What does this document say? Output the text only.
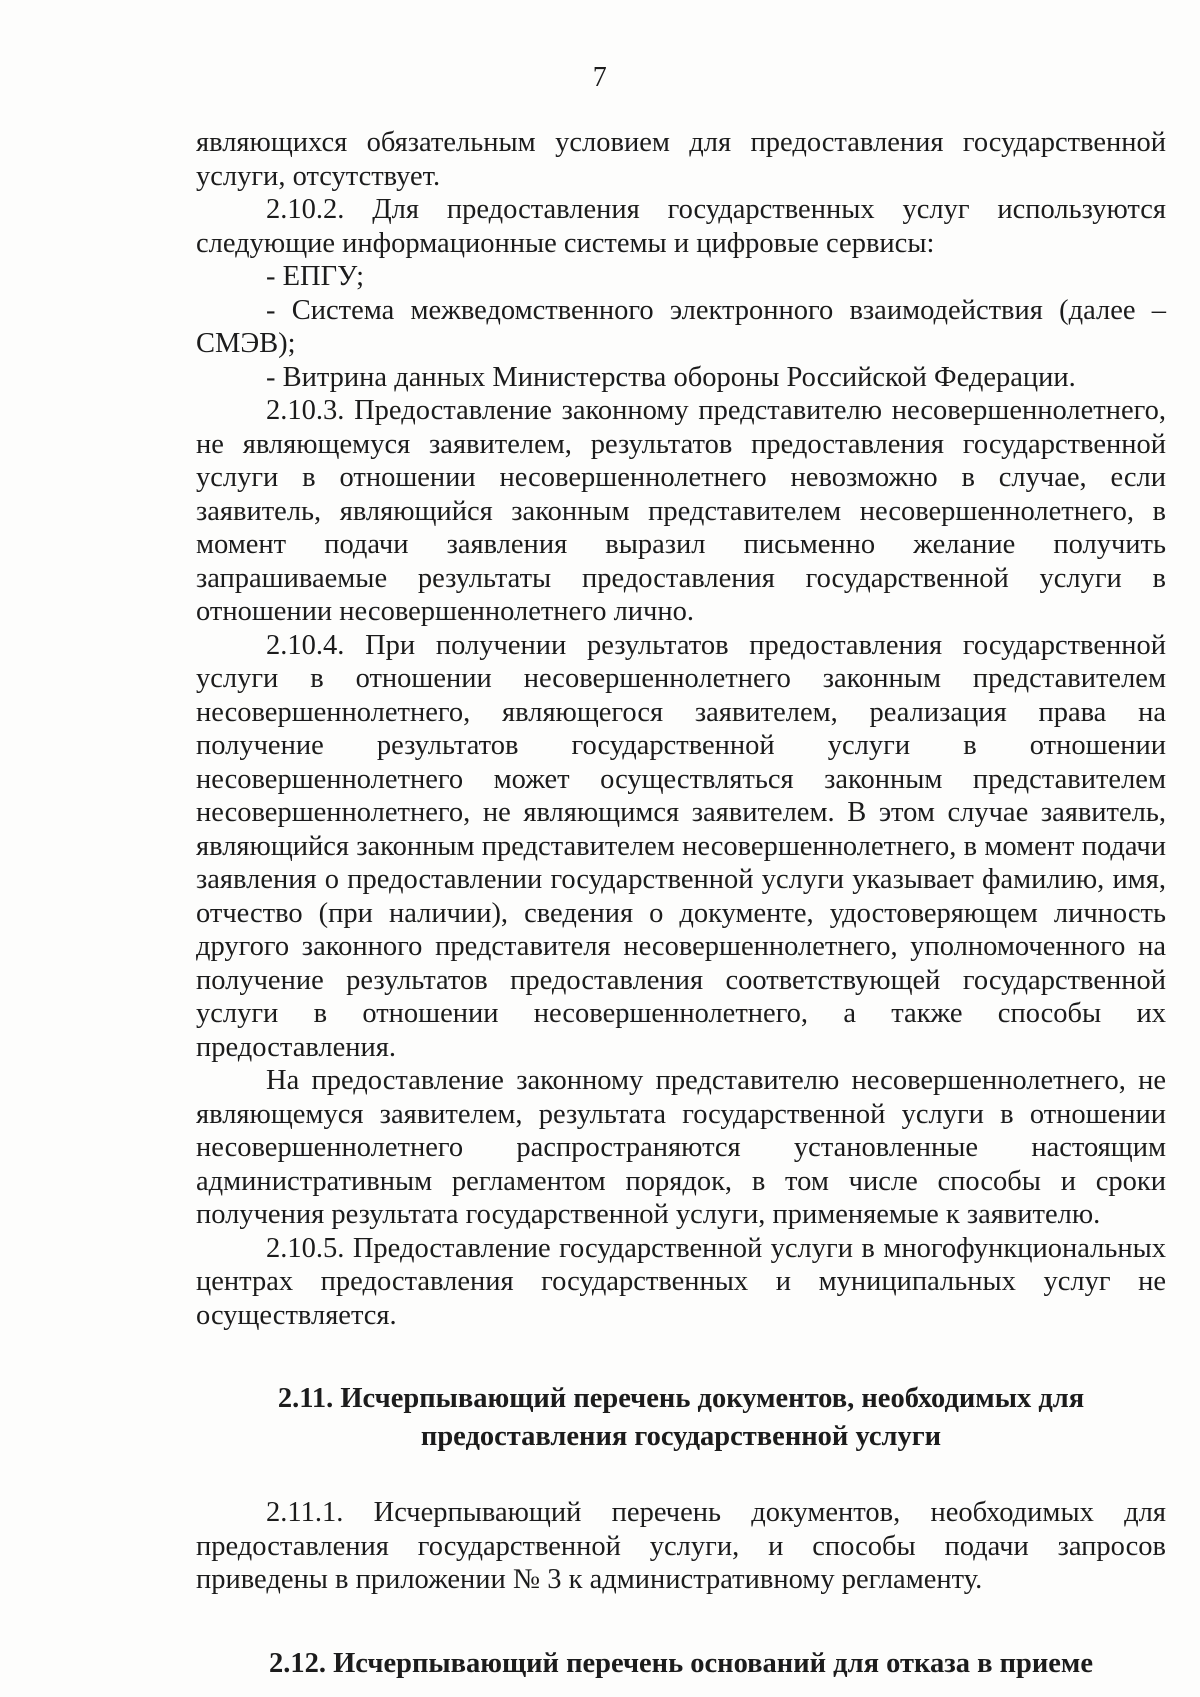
7

являющихся обязательным условием для предоставления государственной услуги, отсутствует.

2.10.2. Для предоставления государственных услуг используются следующие информационные системы и цифровые сервисы:

- ЕПГУ;

- Система межведомственного электронного взаимодействия (далее – СМЭВ);

- Витрина данных Министерства обороны Российской Федерации.

2.10.3. Предоставление законному представителю несовершеннолетнего, не являющемуся заявителем, результатов предоставления государственной услуги в отношении несовершеннолетнего невозможно в случае, если заявитель, являющийся законным представителем несовершеннолетнего, в момент подачи заявления выразил письменно желание получить запрашиваемые результаты предоставления государственной услуги в отношении несовершеннолетнего лично.

2.10.4. При получении результатов предоставления государственной услуги в отношении несовершеннолетнего законным представителем несовершеннолетнего, являющегося заявителем, реализация права на получение результатов государственной услуги в отношении несовершеннолетнего может осуществляться законным представителем несовершеннолетнего, не являющимся заявителем. В этом случае заявитель, являющийся законным представителем несовершеннолетнего, в момент подачи заявления о предоставлении государственной услуги указывает фамилию, имя, отчество (при наличии), сведения о документе, удостоверяющем личность другого законного представителя несовершеннолетнего, уполномоченного на получение результатов предоставления соответствующей государственной услуги в отношении несовершеннолетнего, а также способы их предоставления.

На предоставление законному представителю несовершеннолетнего, не являющемуся заявителем, результата государственной услуги в отношении несовершеннолетнего распространяются установленные настоящим административным регламентом порядок, в том числе способы и сроки получения результата государственной услуги, применяемые к заявителю.

2.10.5. Предоставление государственной услуги в многофункциональных центрах предоставления государственных и муниципальных услуг не осуществляется.

2.11. Исчерпывающий перечень документов, необходимых для

предоставления государственной услуги

2.11.1. Исчерпывающий перечень документов, необходимых для предоставления государственной услуги, и способы подачи запросов приведены в приложении № 3 к административному регламенту.

2.12. Исчерпывающий перечень оснований для отказа в приеме
